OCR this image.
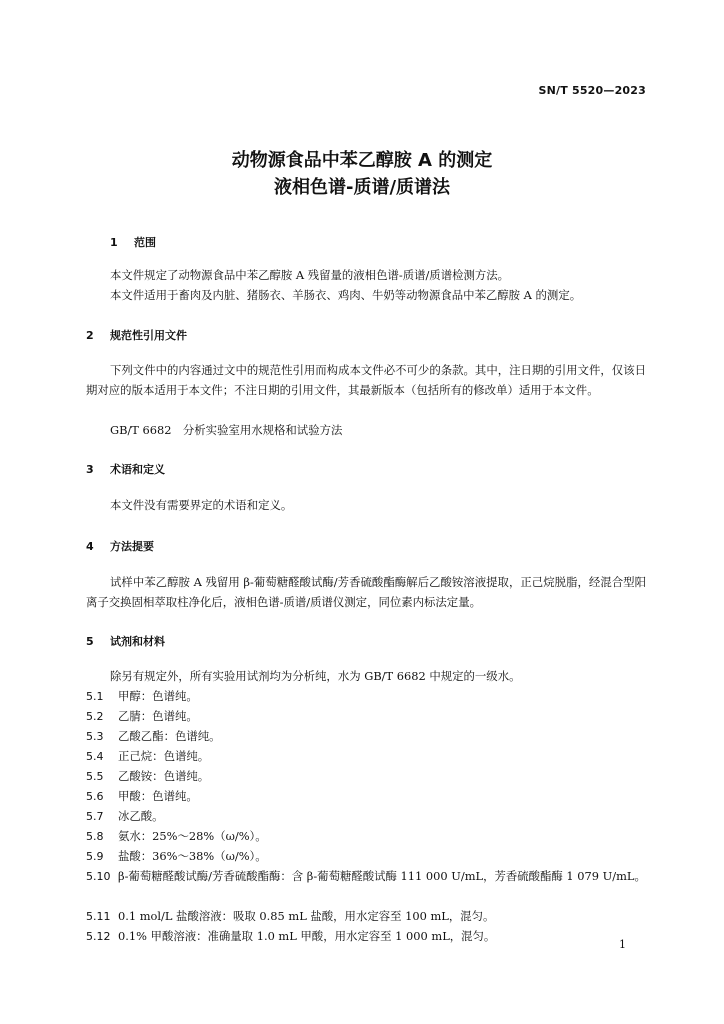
SN/T 5520—2023
动物源食品中苯乙醇胺 A 的测定
液相色谱-质谱/质谱法
1 范围
本文件规定了动物源食品中苯乙醇胺 A 残留量的液相色谱-质谱/质谱检测方法。
本文件适用于畜肉及内脏、猪肠衣、羊肠衣、鸡肉、牛奶等动物源食品中苯乙醇胺 A 的测定。
2 规范性引用文件
下列文件中的内容通过文中的规范性引用而构成本文件必不可少的条款。其中，注日期的引用文件，仅该日期对应的版本适用于本文件；不注日期的引用文件，其最新版本（包括所有的修改单）适用于本文件。
GB/T 6682　分析实验室用水规格和试验方法
3 术语和定义
本文件没有需要界定的术语和定义。
4 方法提要
试样中苯乙醇胺 A 残留用 β-葡萄糖醛酸试酶/芳香硫酸酯酶解后乙酸铵溶液提取，正己烷脱脂，经混合型阳离子交换固相萃取柱净化后，液相色谱-质谱/质谱仪测定，同位素内标法定量。
5 试剂和材料
除另有规定外，所有实验用试剂均为分析纯，水为 GB/T 6682 中规定的一级水。
5.1 甲醇：色谱纯。
5.2 乙腈：色谱纯。
5.3 乙酸乙酯：色谱纯。
5.4 正己烷：色谱纯。
5.5 乙酸铵：色谱纯。
5.6 甲酸：色谱纯。
5.7 冰乙酸。
5.8 氨水：25%～28%（ω/%）。
5.9 盐酸：36%～38%（ω/%）。
5.10 β-葡萄糖醛酸试酶/芳香硫酸酯酶：含 β-葡萄糖醛酸试酶 111 000 U/mL，芳香硫酸酯酶 1 079 U/mL。
5.11 0.1 mol/L 盐酸溶液：吸取 0.85 mL 盐酸，用水定容至 100 mL，混匀。
5.12 0.1% 甲酸溶液：准确量取 1.0 mL 甲酸，用水定容至 1 000 mL，混匀。
1
